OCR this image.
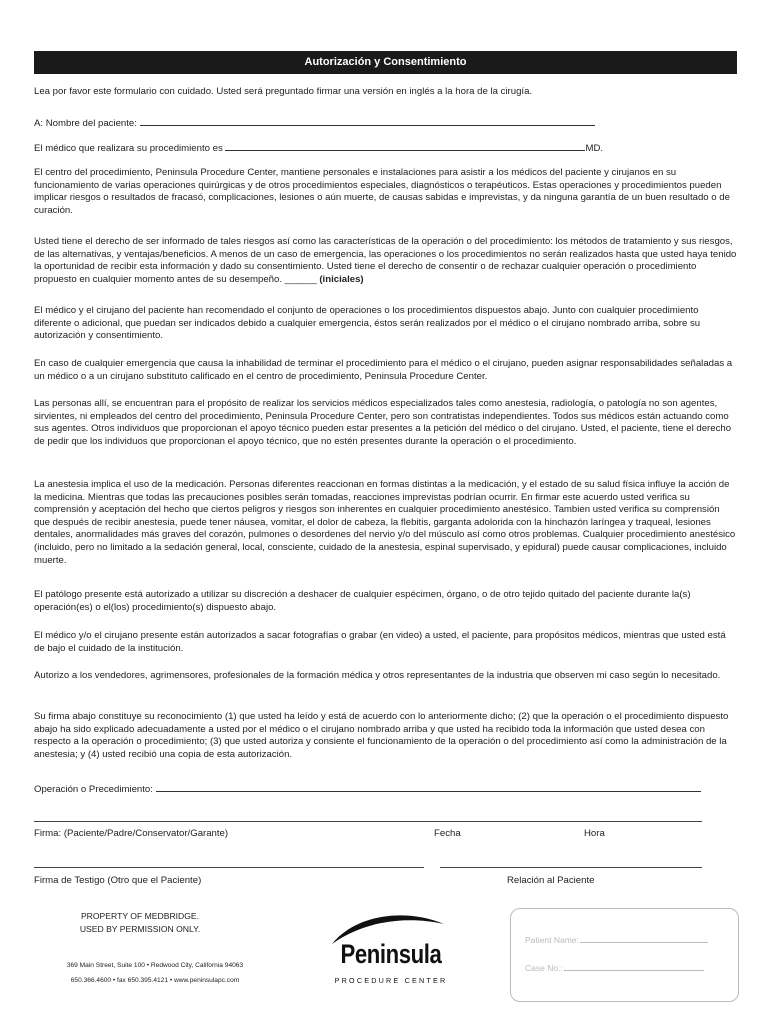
Autorización y Consentimiento
Lea por favor este formulario con cuidado. Usted será preguntado firmar una versión en inglés a la hora de la cirugía.
A: Nombre del paciente:
El médico que realizara su procedimiento es	MD.
El centro del procedimiento, Peninsula Procedure Center, mantiene personales e instalaciones para asistir a los médicos del paciente y cirujanos en su funcionamiento de varias operaciones quirúrgicas y de otros procedimientos especiales, diagnósticos o terapéuticos. Estas operaciones y procedimientos pueden implicar riesgos o resultados de fracasó, complicaciones, lesiones o aún muerte, de causas sabidas e imprevistas, y da ninguna garantía de un buen resultado o de curación.
Usted tiene el derecho de ser informado de tales riesgos así como las características de la operación o del procedimiento: los métodos de tratamiento y sus riesgos, de las alternativas, y ventajas/beneficios. A menos de un caso de emergencia, las operaciones o los procedimientos no serán realizados hasta que usted haya tenido la oportunidad de recibir esta información y dado su consentimiento. Usted tiene el derecho de consentir o de rechazar cualquier operación o procedimiento propuesto en cualquier momento antes de su desempeño. ______ (iniciales)
El médico y el cirujano del paciente han recomendado el conjunto de operaciones o los procedimientos dispuestos abajo. Junto con cualquier procedimiento diferente o adicional, que puedan ser indicados debido a cualquier emergencia, éstos serán realizados por el médico o el cirujano nombrado arriba, sobre su autorización y consentimiento.
En caso de cualquier emergencia que causa la inhabilidad de terminar el procedimiento para el médico o el cirujano, pueden asignar responsabilidades señaladas a un médico o a un cirujano substituto calificado en el centro de procedimiento, Peninsula Procedure Center.
Las personas allí, se encuentran para el propósito de realizar los servicios médicos especializados tales como anestesia, radiología, o patología no son agentes, sirvientes, ni empleados del centro del procedimiento, Peninsula Procedure Center, pero son contratistas independientes. Todos sus médicos están actuando como sus agentes. Otros individuos que proporcionan el apoyo técnico pueden estar presentes a la petición del médico o del cirujano. Usted, el paciente, tiene el derecho de pedir que los individuos que proporcionan el apoyo técnico, que no estén presentes durante la operación o el procedimiento.
La anestesia implica el uso de la medicación. Personas diferentes reaccionan en formas distintas a la medicación, y el estado de su salud física influye la acción de la medicina. Mientras que todas las precauciones posibles serán tomadas, reacciones imprevistas podrían ocurrir. En firmar este acuerdo usted verifica su comprensión y aceptación del hecho que ciertos peligros y riesgos son inherentes en cualquier procedimiento anestésico. Tambien usted verifica su comprensión que después de recibir anestesia, puede tener náusea, vomitar, el dolor de cabeza, la flebitis, garganta adolorida con la hinchazón laríngea y traqueal, lesiones dentales, anormalidades más graves del corazón, pulmones o desordenes del nervio y/o del músculo así como otros problemas. Cualquier procedimiento anestésico (incluido, pero no limitado a la sedación general, local, consciente, cuidado de la anestesia, espinal supervisado, y epidural) puede causar complicaciones, incluido muerte.
El patólogo presente está autorizado a utilizar su discreción a deshacer de cualquier espécimen, órgano, o de otro tejido quitado del paciente durante la(s) operación(es) o el(los) procedimiento(s) dispuesto abajo.
El médico y/o el cirujano presente están autorizados a sacar fotografías o grabar (en video) a usted, el paciente, para propósitos médicos, mientras que usted está de bajo el cuidado de la institución.
Autorizo a los vendedores, agrimensores, profesionales de la formación médica y otros representantes de la industria que observen mi caso según lo necesitado.
Su firma abajo constituye su reconocimiento (1) que usted ha leído y está de acuerdo con lo anteriormente dicho; (2) que la operación o el procedimiento dispuesto abajo ha sido explicado adecuadamente a usted por el médico o el cirujano nombrado arriba y que usted ha recibido toda la información que usted desea con respecto a la operación o procedimiento; (3) que usted autoriza y consiente el funcionamiento de la operación o del procedimiento así como la administración de la anestesia; y (4) usted recibió una copia de esta autorización.
Operación o Precedimiento:
Firma: (Paciente/Padre/Conservator/Garante)	Fecha	Hora
Firma de Testigo (Otro que el Paciente)	Relación al Paciente
PROPERTY OF MEDBRIDGE.
USED BY PERMISSION ONLY.
369 Main Street, Suite 100 • Redwood City, California 94063
650.366.4600 • fax 650.395.4121 • www.peninsulapc.com
Peninsula
PROCEDURE CENTER
Patient Name:
Case No.:
